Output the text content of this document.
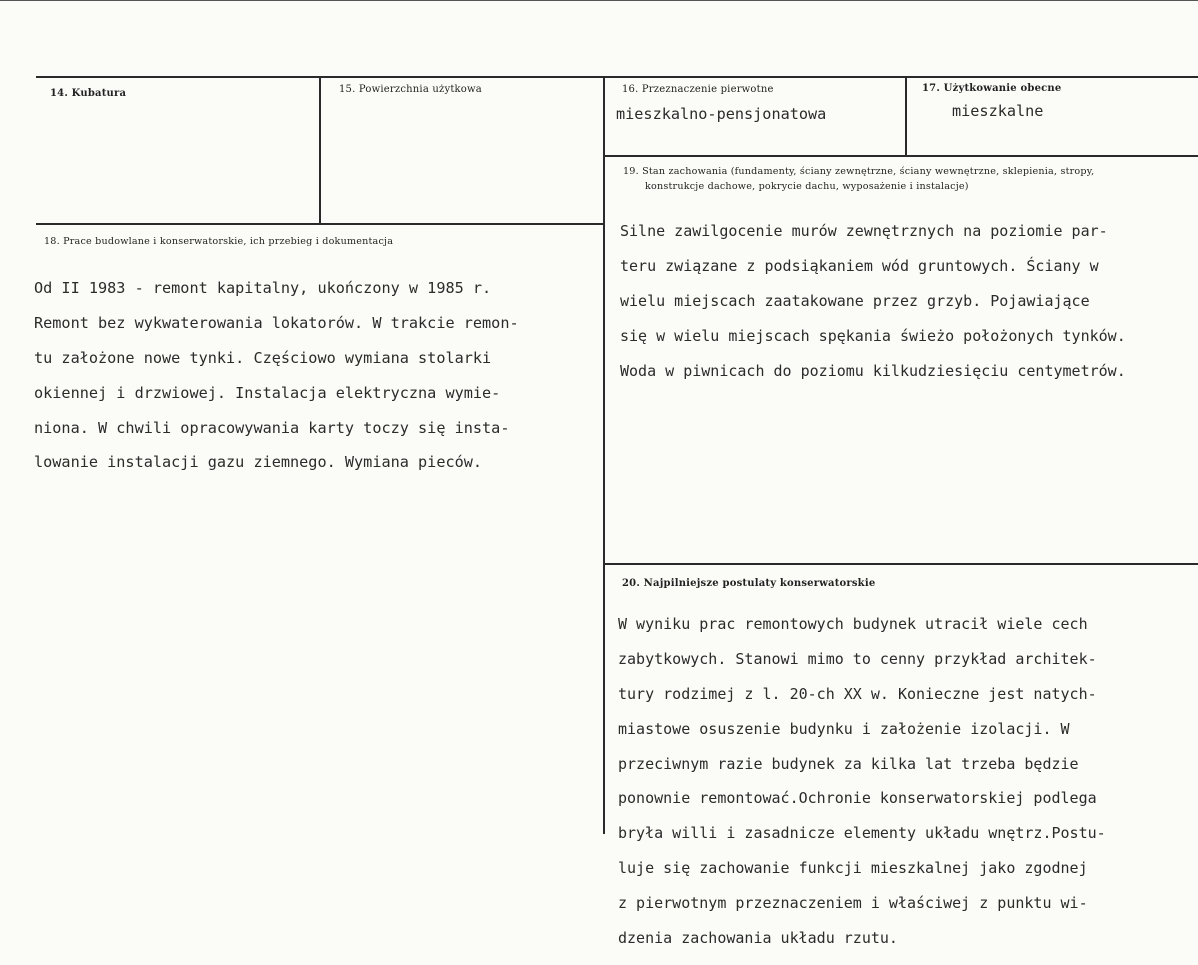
14. Kubatura	15. Powierzchnia użytkowa	16. Przeznaczenie pierwotne
mieszkalno-pensjonatowa
17. Użytkowanie obecne
mieszkalne
19. Stan zachowania (fundamenty, ściany zewnętrzne, ściany wewnętrzne, sklepienia, stropy,
konstrukcje dachowe, pokrycie dachu, wyposażenie i instalacje)

Silne zawilgocenie murów zewnętrznych na poziomie par-

teru związane z podsiąkaniem wód gruntowych. Ściany w

wielu miejscach zaatakowane przez grzyb. Pojawiające

się w wielu miejscach spękania świeżo położonych tynków.

Woda w piwnicach do poziomu kilkudziesięciu centymetrów.

18. Prace budowlane i konserwatorskie, ich przebieg i dokumentacja

Od II 1983 - remont kapitalny, ukończony w 1985 r.

Remont bez wykwaterowania lokatorów. W trakcie remon-

tu założone nowe tynki. Częściowo wymiana stolarki

okiennej i drzwiowej. Instalacja elektryczna wymie-

niona. W chwili opracowywania karty toczy się insta-

lowanie instalacji gazu ziemnego. Wymiana pieców.

20. Najpilniejsze postulaty konserwatorskie

W wyniku prac remontowych budynek utracił wiele cech

zabytkowych. Stanowi mimo to cenny przykład architek-

tury rodzimej z l. 20-ch XX w. Konieczne jest natych-

miastowe osuszenie budynku i założenie izolacji. W

przeciwnym razie budynek za kilka lat trzeba będzie

ponownie remontować.Ochronie konserwatorskiej podlega

bryła willi i zasadnicze elementy układu wnętrz.Postu-

luje się zachowanie funkcji mieszkalnej jako zgodnej

z pierwotnym przeznaczeniem i właściwej z punktu wi-

dzenia zachowania układu rzutu.
